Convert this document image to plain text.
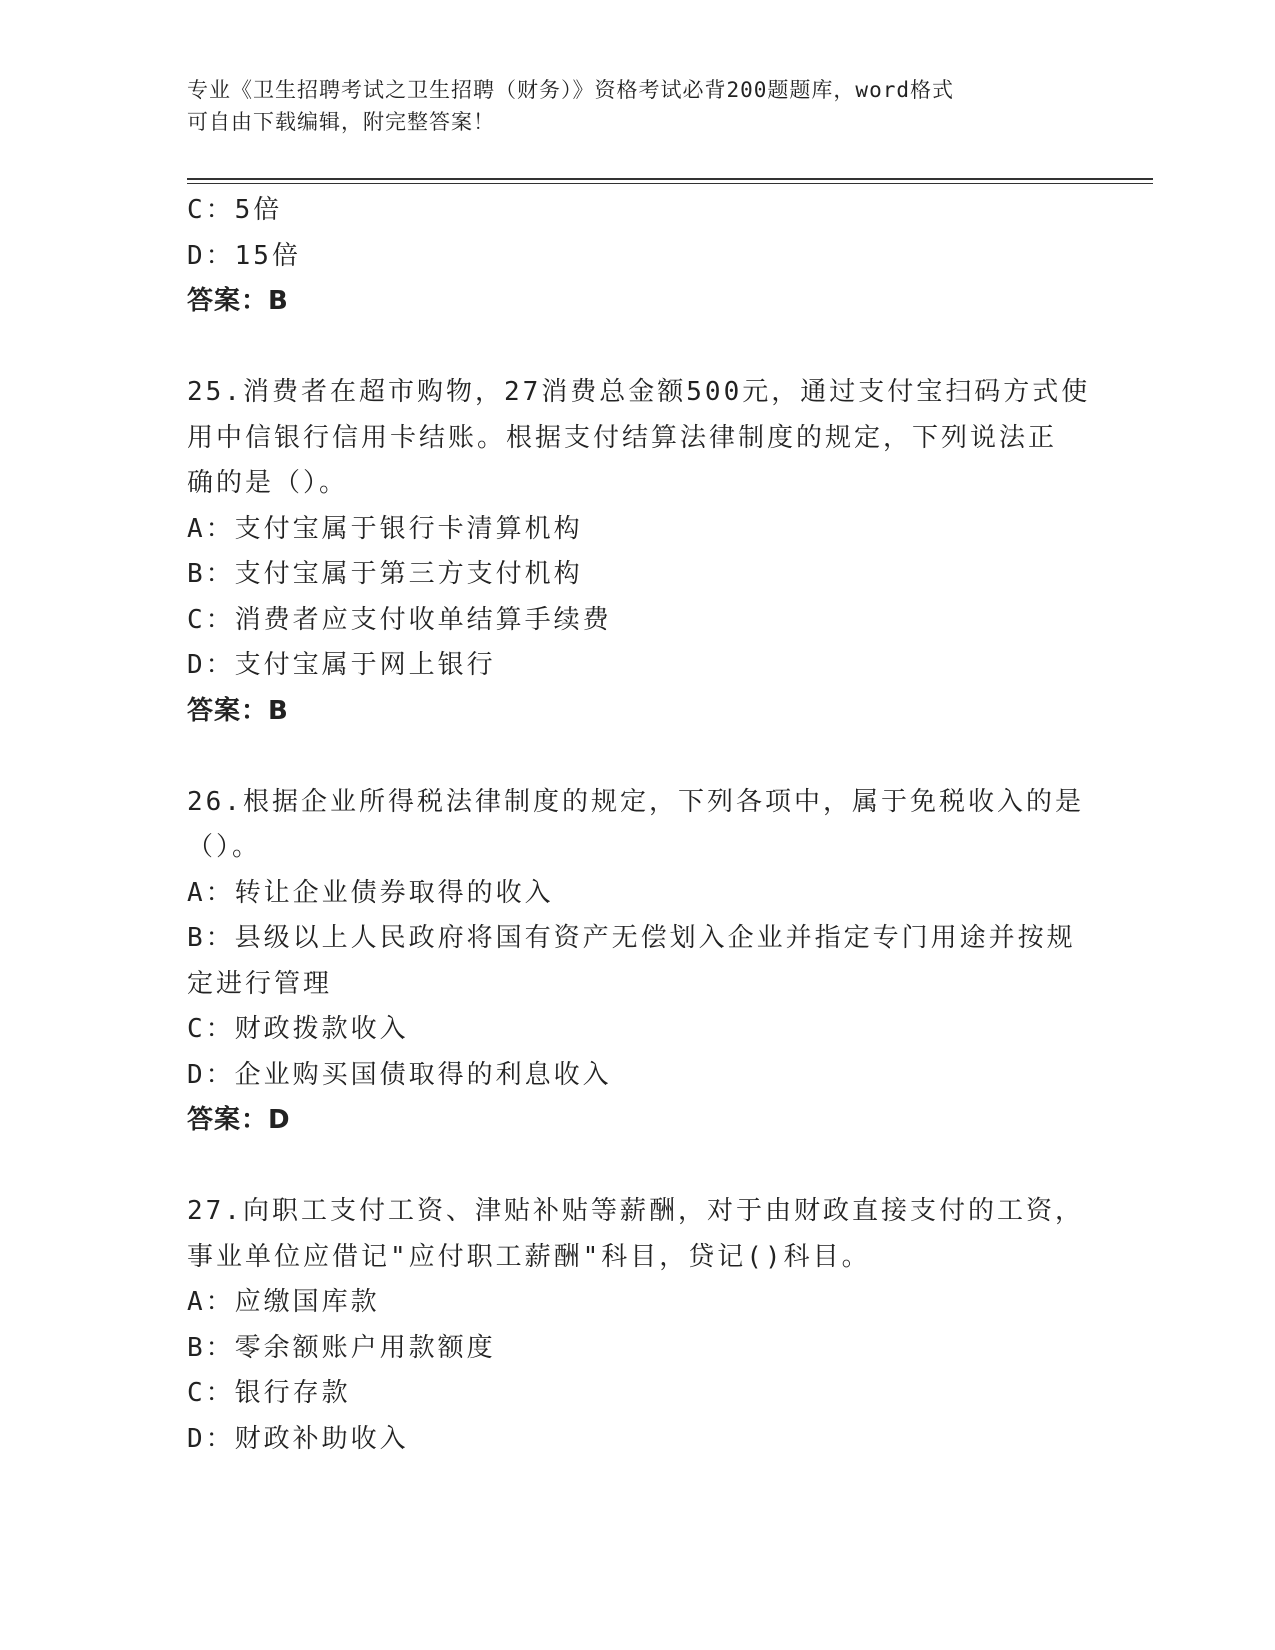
专业《卫生招聘考试之卫生招聘（财务）》资格考试必背200题题库，word格式
可自由下载编辑，附完整答案！
C：5倍
D：15倍
答案：B
25.消费者在超市购物，27消费总金额500元，通过支付宝扫码方式使
用中信银行信用卡结账。根据支付结算法律制度的规定，下列说法正
确的是（）。
A：支付宝属于银行卡清算机构
B：支付宝属于第三方支付机构
C：消费者应支付收单结算手续费
D：支付宝属于网上银行
答案：B
26.根据企业所得税法律制度的规定，下列各项中，属于免税收入的是
（）。
A：转让企业债券取得的收入
B：县级以上人民政府将国有资产无偿划入企业并指定专门用途并按规
定进行管理
C：财政拨款收入
D：企业购买国债取得的利息收入
答案：D
27.向职工支付工资、津贴补贴等薪酬，对于由财政直接支付的工资，
事业单位应借记"应付职工薪酬"科目，贷记()科目。
A：应缴国库款
B：零余额账户用款额度
C：银行存款
D：财政补助收入
